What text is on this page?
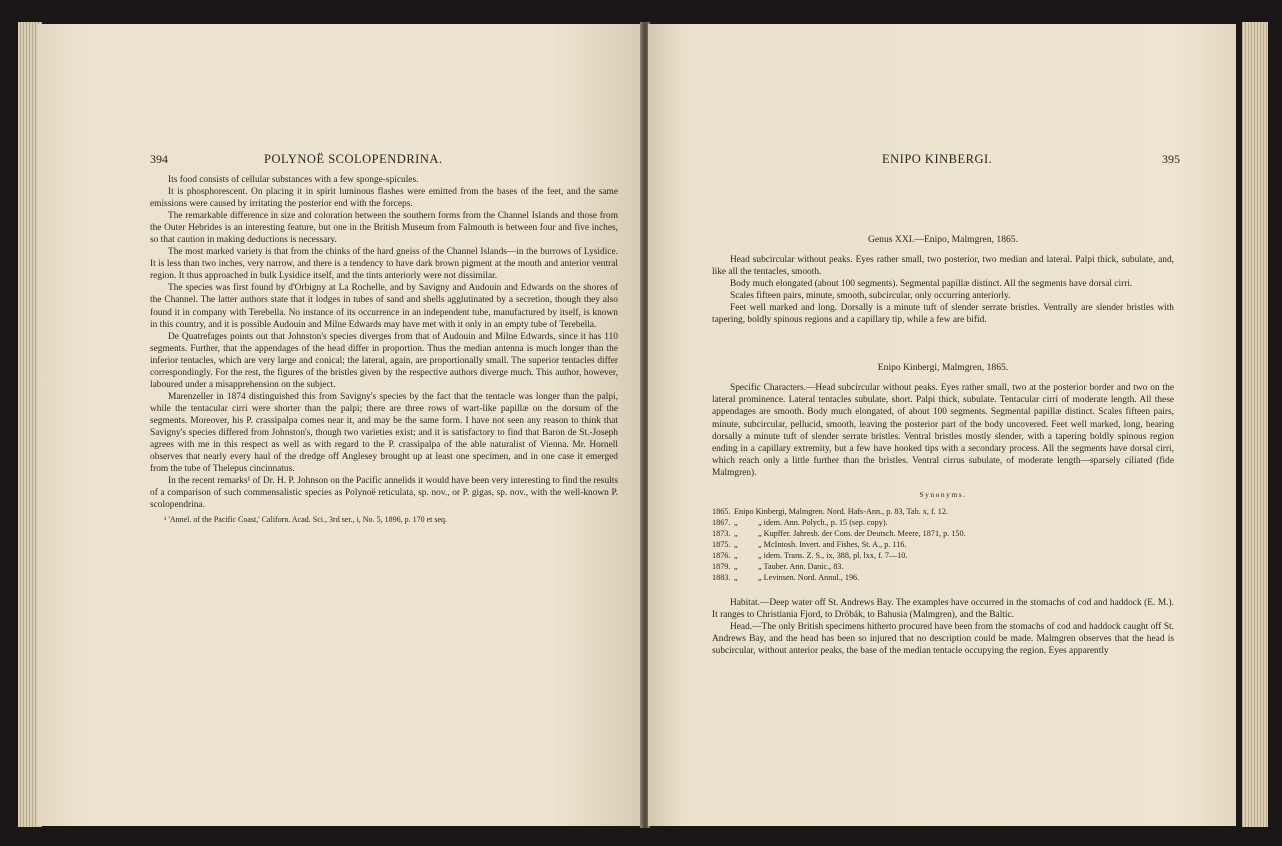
394	POLYNOË SCOLOPENDRINA.

Its food consists of cellular substances with a few sponge-spicules.

It is phosphorescent. On placing it in spirit luminous flashes were emitted from the bases of the feet, and the same emissions were caused by irritating the posterior end with the forceps.

The remarkable difference in size and coloration between the southern forms from the Channel Islands and those from the Outer Hebrides is an interesting feature, but one in the British Museum from Falmouth is between four and five inches, so that caution in making deductions is necessary.

The most marked variety is that from the chinks of the hard gneiss of the Channel Islands—in the burrows of Lysidice. It is less than two inches, very narrow, and there is a tendency to have dark brown pigment at the mouth and anterior ventral region. It thus approached in bulk Lysidice itself, and the tints anteriorly were not dissimilar.

The species was first found by d'Orbigny at La Rochelle, and by Savigny and Audouin and Edwards on the shores of the Channel. The latter authors state that it lodges in tubes of sand and shells agglutinated by a secretion, though they also found it in company with Terebella. No instance of its occurrence in an independent tube, manufactured by itself, is known in this country, and it is possible Audouin and Milne Edwards may have met with it only in an empty tube of Terebella.

De Quatrefages points out that Johnston's species diverges from that of Audouin and Milne Edwards, since it has 110 segments. Further, that the appendages of the head differ in proportion. Thus the median antenna is much longer than the inferior tentacles, which are very large and conical; the lateral, again, are proportionally small. The superior tentacles differ correspondingly. For the rest, the figures of the bristles given by the respective authors diverge much. This author, however, laboured under a misapprehension on the subject.

Marenzeller in 1874 distinguished this from Savigny's species by the fact that the tentacle was longer than the palpi, while the tentacular cirri were shorter than the palpi; there are three rows of wart-like papillæ on the dorsum of the segments. Moreover, his P. crassipalpa comes near it, and may be the same form. I have not seen any reason to think that Savigny's species differed from Johnston's, though two varieties exist; and it is satisfactory to find that Baron de St.-Joseph agrees with me in this respect as well as with regard to the P. crassipalpa of the able naturalist of Vienna. Mr. Hornell observes that nearly every haul of the dredge off Anglesey brought up at least one specimen, and in one case it emerged from the tube of Thelepus cincinnatus.

In the recent remarks¹ of Dr. H. P. Johnson on the Pacific annelids it would have been very interesting to find the results of a comparison of such commensalistic species as Polynoë reticulata, sp. nov., or P. gigas, sp. nov., with the well-known P. scolopendrina.

¹ 'Annel. of the Pacific Coast,' Californ. Acad. Sci., 3rd ser., i, No. 5, 1896, p. 170 et seq.

ENIPO KINBERGI.	395

Genus XXI.—Enipo, Malmgren, 1865.

Head subcircular without peaks. Eyes rather small, two posterior, two median and lateral. Palpi thick, subulate, and, like all the tentacles, smooth.

Body much elongated (about 100 segments). Segmental papillæ distinct. All the segments have dorsal cirri.

Scales fifteen pairs, minute, smooth, subcircular, only occurring anteriorly.

Feet well marked and long. Dorsally is a minute tuft of slender serrate bristles. Ventrally are slender bristles with tapering, boldly spinous regions and a capillary tip, while a few are bifid.

Enipo Kinbergi, Malmgren, 1865.

Specific Characters.—Head subcircular without peaks. Eyes rather small, two at the posterior border and two on the lateral prominence. Lateral tentacles subulate, short. Palpi thick, subulate. Tentacular cirri of moderate length. All these appendages are smooth. Body much elongated, of about 100 segments. Segmental papillæ distinct. Scales fifteen pairs, minute, subcircular, pellucid, smooth, leaving the posterior part of the body uncovered. Feet well marked, long, bearing dorsally a minute tuft of slender serrate bristles. Ventral bristles mostly slender, with a tapering boldly spinous region ending in a capillary extremity, but a few have hooked tips with a secondary process. All the segments have dorsal cirri, which reach only a little further than the bristles. Ventral cirrus subulate, of moderate length—sparsely ciliated (fide Malmgren).

Synonyms.

1865. Enipo Kinbergi, Malmgren. Nord. Hafs-Ann., p. 83, Tab. x, f. 12.
1867. „	„ idem. Ann. Polych., p. 15 (sep. copy).
1873. „	„ Kupffer. Jahresb. der Com. der Deutsch. Meere, 1871, p. 150.
1875. „	„ McIntosh. Invert. and Fishes, St. A., p. 116.
1876. „	„ idem. Trans. Z. S., ix, 388, pl. lxx, f. 7—10.
1879. „	„ Tauber. Ann. Danic., 83.
1883. „	„ Levinsen. Nord. Annul., 196.

Habitat.—Deep water off St. Andrews Bay. The examples have occurred in the stomachs of cod and haddock (E. M.). It ranges to Christiania Fjord, to Dröbák, to Bahusia (Malmgren), and the Baltic.

Head.—The only British specimens hitherto procured have been from the stomachs of cod and haddock caught off St. Andrews Bay, and the head has been so injured that no description could be made. Malmgren observes that the head is subcircular, without anterior peaks, the base of the median tentacle occupying the region. Eyes apparently
